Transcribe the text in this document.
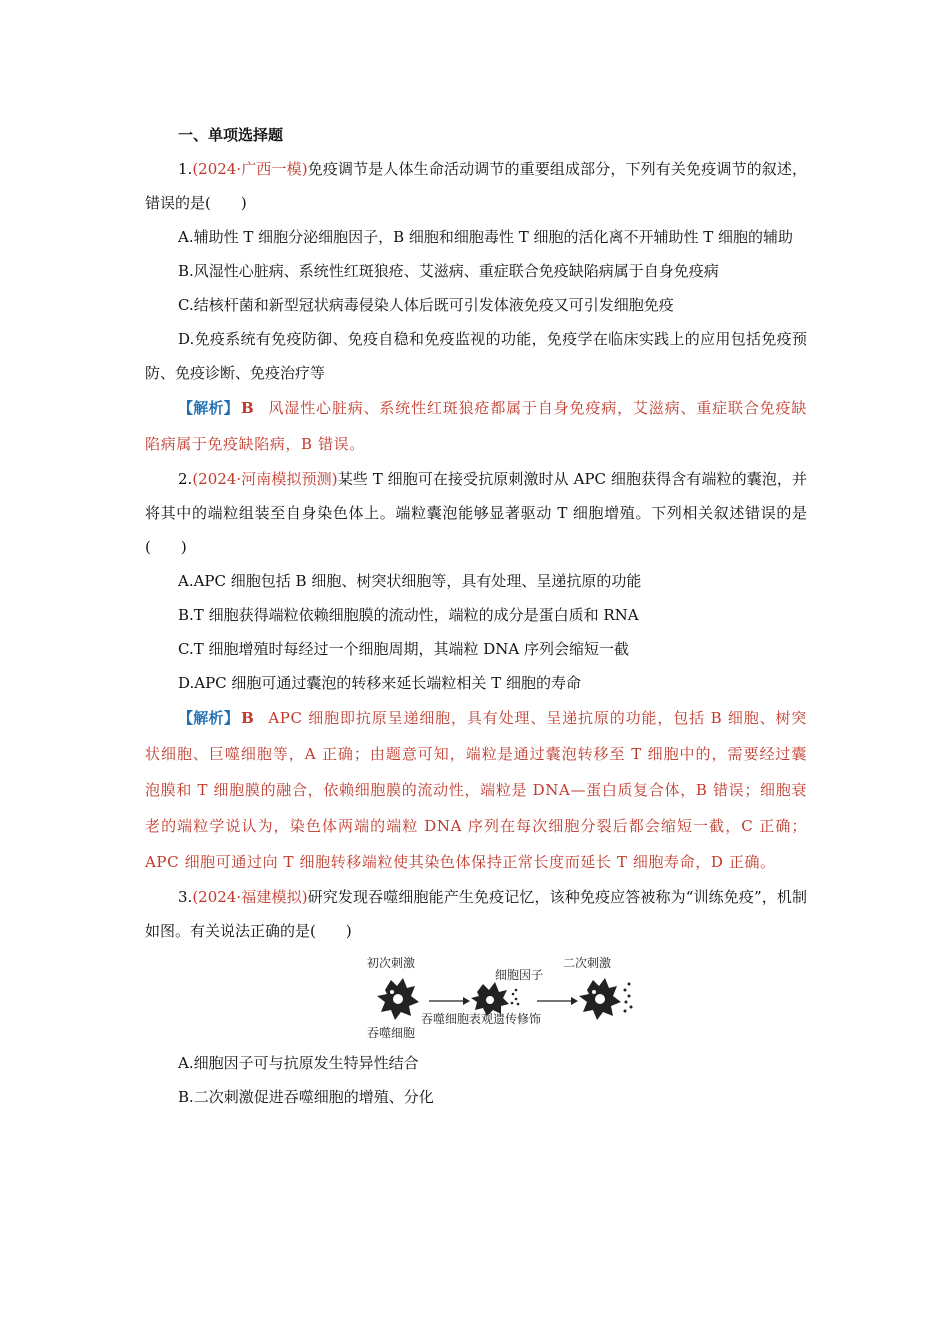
一、单项选择题

1.(2024·广西一模)免疫调节是人体生命活动调节的重要组成部分，下列有关免疫调节的叙述，错误的是(　　)

A.辅助性 T 细胞分泌细胞因子，B 细胞和细胞毒性 T 细胞的活化离不开辅助性 T 细胞的辅助

B.风湿性心脏病、系统性红斑狼疮、艾滋病、重症联合免疫缺陷病属于自身免疫病

C.结核杆菌和新型冠状病毒侵染人体后既可引发体液免疫又可引发细胞免疫

D.免疫系统有免疫防御、免疫自稳和免疫监视的功能，免疫学在临床实践上的应用包括免疫预防、免疫诊断、免疫治疗等

【解析】 B 风湿性心脏病、系统性红斑狼疮都属于自身免疫病，艾滋病、重症联合免疫缺陷病属于免疫缺陷病，B 错误。

2.(2024·河南模拟预测)某些 T 细胞可在接受抗原刺激时从 APC 细胞获得含有端粒的囊泡，并将其中的端粒组装至自身染色体上。端粒囊泡能够显著驱动 T 细胞增殖。下列相关叙述错误的是(　　)

A.APC 细胞包括 B 细胞、树突状细胞等，具有处理、呈递抗原的功能

B.T 细胞获得端粒依赖细胞膜的流动性，端粒的成分是蛋白质和 RNA

C.T 细胞增殖时每经过一个细胞周期，其端粒 DNA 序列会缩短一截

D.APC 细胞可通过囊泡的转移来延长端粒相关 T 细胞的寿命

【解析】 B APC 细胞即抗原呈递细胞，具有处理、呈递抗原的功能，包括 B 细胞、树突状细胞、巨噬细胞等，A 正确；由题意可知，端粒是通过囊泡转移至 T 细胞中的，需要经过囊泡膜和 T 细胞膜的融合，依赖细胞膜的流动性，端粒是 DNA—蛋白质复合体，B 错误；细胞衰老的端粒学说认为，染色体两端的端粒 DNA 序列在每次细胞分裂后都会缩短一截，C 正确；APC 细胞可通过向 T 细胞转移端粒使其染色体保持正常长度而延长 T 细胞寿命，D 正确。

3.(2024·福建模拟)研究发现吞噬细胞能产生免疫记忆，该种免疫应答被称为“训练免疫”，机制如图。有关说法正确的是(　　)

初次刺激
吞噬细胞
细胞因子
吞噬细胞表观遗传修饰
二次刺激

A.细胞因子可与抗原发生特异性结合

B.二次刺激促进吞噬细胞的增殖、分化
